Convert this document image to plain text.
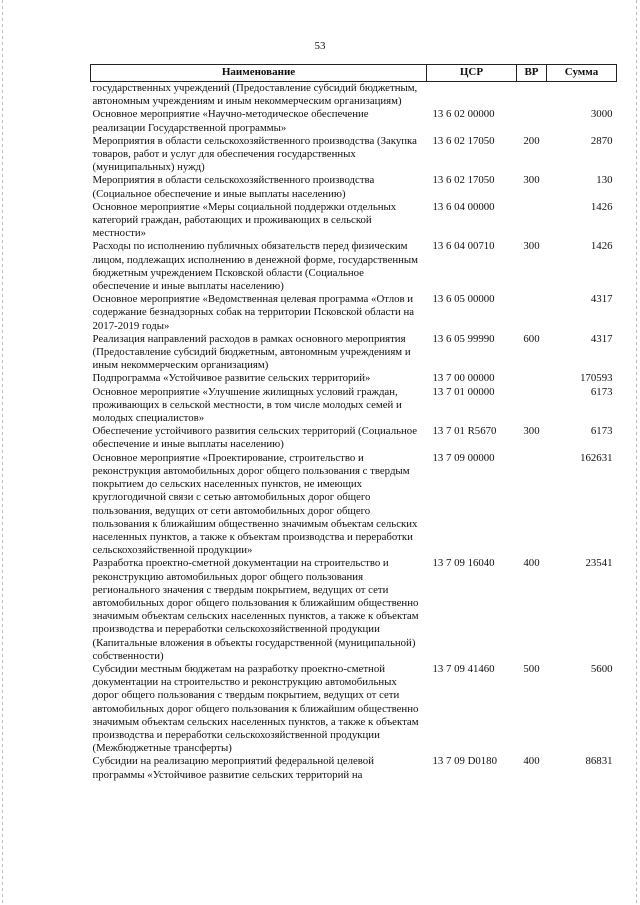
53
Наименование	ЦСР	ВР	Сумма
государственных учреждений (Предоставление субсидий бюджетным, автономным учреждениям и иным некоммерческим организациям)			
Основное мероприятие «Научно-методическое обеспечение реализации Государственной программы»	13 6 02 00000		3000
Мероприятия в области сельскохозяйственного производства (Закупка товаров, работ и услуг для обеспечения государственных (муниципальных) нужд)	13 6 02 17050	200	2870
Мероприятия в области сельскохозяйственного производства (Социальное обеспечение и иные выплаты населению)	13 6 02 17050	300	130
Основное мероприятие «Меры социальной поддержки отдельных категорий граждан, работающих и проживающих в сельской местности»	13 6 04 00000		1426
Расходы по исполнению публичных обязательств перед физическим лицом, подлежащих исполнению в денежной форме, государственным бюджетным учреждением Псковской области (Социальное обеспечение и иные выплаты населению)	13 6 04 00710	300	1426
Основное мероприятие «Ведомственная целевая программа «Отлов и содержание безнадзорных собак на территории Псковской области на 2017-2019 годы»	13 6 05 00000		4317
Реализация направлений расходов в рамках основного мероприятия (Предоставление субсидий бюджетным, автономным учреждениям и иным некоммерческим организациям)	13 6 05 99990	600	4317
Подпрограмма «Устойчивое развитие сельских территорий»	13 7 00 00000		170593
Основное мероприятие «Улучшение жилищных условий граждан, проживающих в сельской местности, в том числе молодых семей и молодых специалистов»	13 7 01 00000		6173
Обеспечение устойчивого развития сельских территорий (Социальное обеспечение и иные выплаты населению)	13 7 01 R5670	300	6173
Основное мероприятие «Проектирование, строительство и реконструкция автомобильных дорог общего пользования с твердым покрытием до сельских населенных пунктов, не имеющих круглогодичной связи с сетью автомобильных дорог общего пользования, ведущих от сети автомобильных дорог общего пользования к ближайшим общественно значимым объектам сельских населенных пунктов, а также к объектам производства и переработки сельскохозяйственной продукции»	13 7 09 00000		162631
Разработка проектно-сметной документации на строительство и реконструкцию автомобильных дорог общего пользования регионального значения с твердым покрытием, ведущих от сети автомобильных дорог общего пользования к ближайшим общественно значимым объектам сельских населенных пунктов, а также к объектам производства и переработки сельскохозяйственной продукции (Капитальные вложения в объекты государственной (муниципальной) собственности)	13 7 09 16040	400	23541
Субсидии местным бюджетам на разработку проектно-сметной документации на строительство и реконструкцию автомобильных дорог общего пользования с твердым покрытием, ведущих от сети автомобильных дорог общего пользования к ближайшим общественно значимым объектам сельских населенных пунктов, а также к объектам производства и переработки сельскохозяйственной продукции (Межбюджетные трансферты)	13 7 09 41460	500	5600
Субсидии на реализацию мероприятий федеральной целевой программы «Устойчивое развитие сельских территорий на	13 7 09 D0180	400	86831
